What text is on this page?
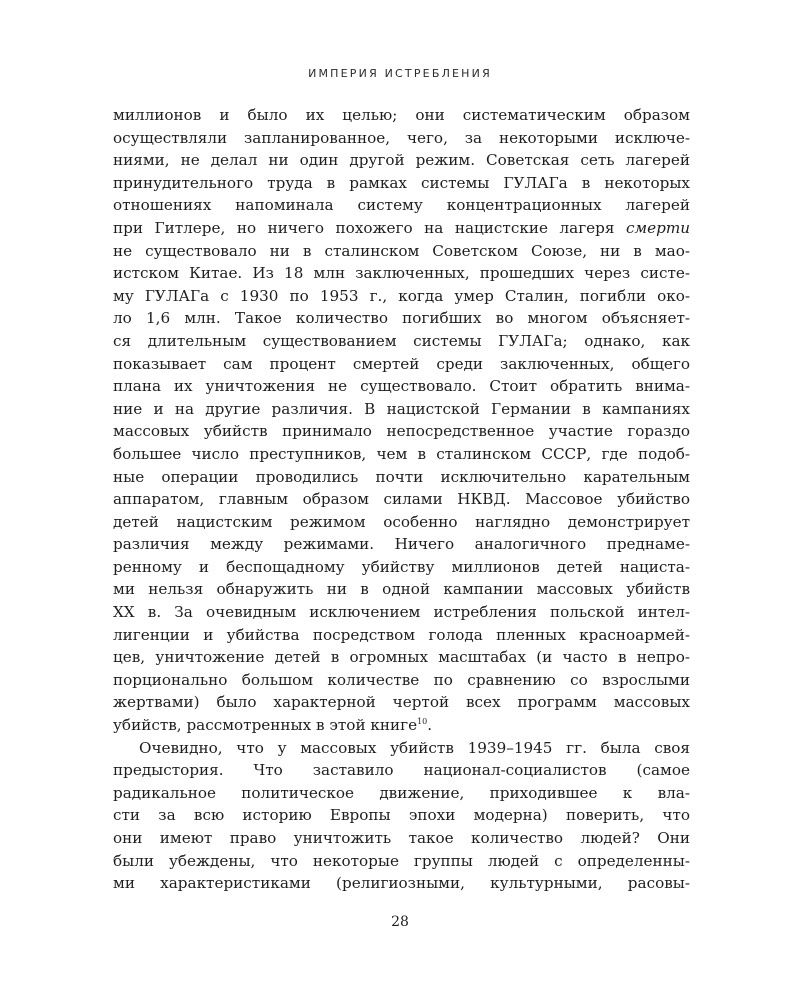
ИМПЕРИЯ ИСТРЕБЛЕНИЯ
миллионов и было их целью; они систематическим образом
осуществляли запланированное, чего, за некоторыми исключе-
ниями, не делал ни один другой режим. Советская сеть лагерей
принудительного труда в рамках системы ГУЛАГа в некоторых
отношениях напоминала систему концентрационных лагерей
при Гитлере, но ничего похожего на нацистские лагеря смерти
не существовало ни в сталинском Советском Союзе, ни в мао-
истском Китае. Из 18 млн заключенных, прошедших через систе-
му ГУЛАГа с 1930 по 1953 г., когда умер Сталин, погибли око-
ло 1,6 млн. Такое количество погибших во многом объясняет-
ся длительным существованием системы ГУЛАГа; однако, как
показывает сам процент смертей среди заключенных, общего
плана их уничтожения не существовало. Стоит обратить внима-
ние и на другие различия. В нацистской Германии в кампаниях
массовых убийств принимало непосредственное участие гораздо
большее число преступников, чем в сталинском СССР, где подоб-
ные операции проводились почти исключительно карательным
аппаратом, главным образом силами НКВД. Массовое убийство
детей нацистским режимом особенно наглядно демонстрирует
различия между режимами. Ничего аналогичного преднаме-
ренному и беспощадному убийству миллионов детей нациста-
ми нельзя обнаружить ни в одной кампании массовых убийств
XX в. За очевидным исключением истребления польской интел-
лигенции и убийства посредством голода пленных красноармей-
цев, уничтожение детей в огромных масштабах (и часто в непро-
порционально большом количестве по сравнению со взрослыми
жертвами) было характерной чертой всех программ массовых
убийств, рассмотренных в этой книге$^{10}$.
Очевидно, что у массовых убийств 1939–1945 гг. была своя
предыстория. Что заставило национал-социалистов (самое
радикальное политическое движение, приходившее к вла-
сти за всю историю Европы эпохи модерна) поверить, что
они имеют право уничтожить такое количество людей? Они
были убеждены, что некоторые группы людей с определенны-
ми характеристиками (религиозными, культурными, расовы-
28
